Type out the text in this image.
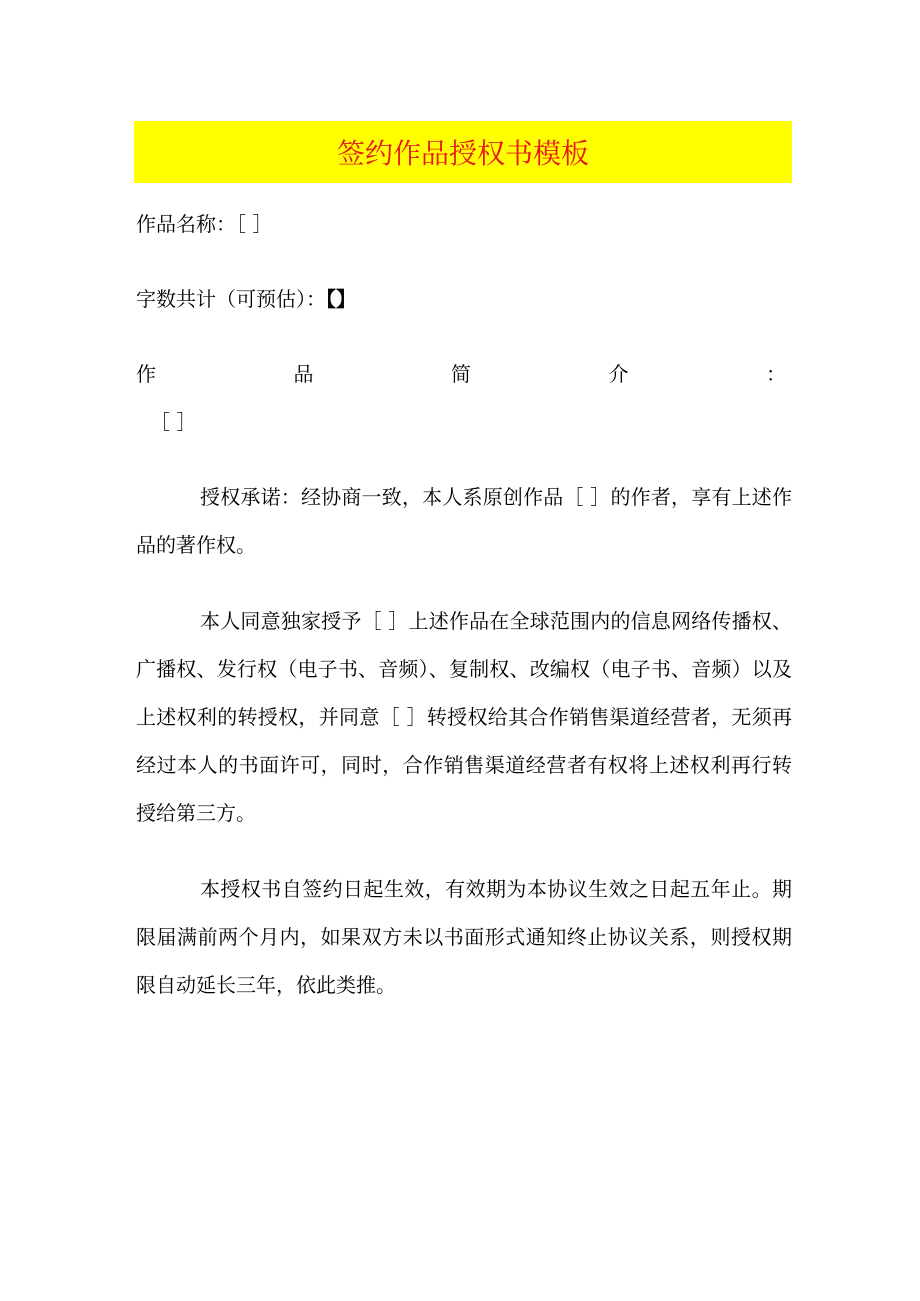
签约作品授权书模板
作品名称：［ ］
字数共计（可预估）：【】
作	品	简	介	：
［ ］

授权承诺：经协商一致，本人系原创作品［ ］的作者，享有上述作品的著作权。

本人同意独家授予［ ］上述作品在全球范围内的信息网络传播权、广播权、发行权（电子书、音频）、复制权、改编权（电子书、音频）以及上述权利的转授权，并同意［ ］转授权给其合作销售渠道经营者，无须再经过本人的书面许可，同时，合作销售渠道经营者有权将上述权利再行转授给第三方。

本授权书自签约日起生效，有效期为本协议生效之日起五年止。期限届满前两个月内，如果双方未以书面形式通知终止协议关系，则授权期限自动延长三年，依此类推。
